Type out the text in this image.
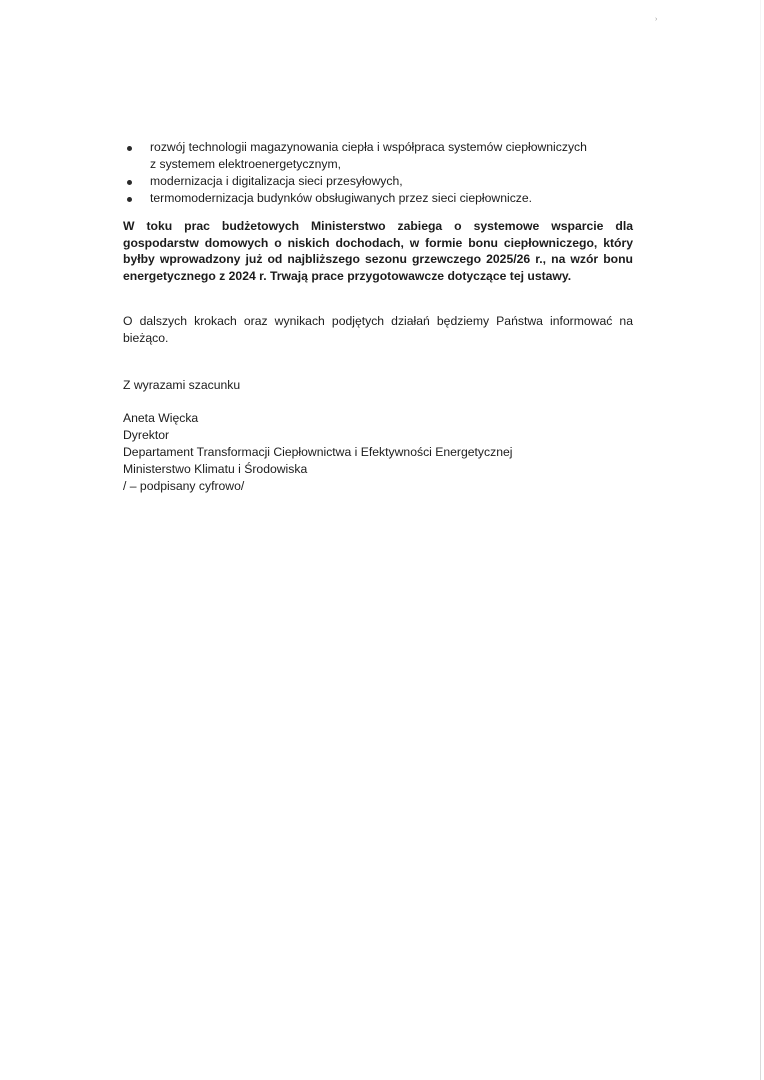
›
rozwój technologii magazynowania ciepła i współpraca systemów ciepłowniczych
z systemem elektroenergetycznym,
modernizacja i digitalizacja sieci przesyłowych,
termomodernizacja budynków obsługiwanych przez sieci ciepłownicze.

W toku prac budżetowych Ministerstwo zabiega o systemowe wsparcie dla gospodarstw domowych o niskich dochodach, w formie bonu ciepłowniczego, który byłby wprowadzony już od najbliższego sezonu grzewczego 2025/26 r., na wzór bonu energetycznego z 2024 r. Trwają prace przygotowawcze dotyczące tej ustawy.

O dalszych krokach oraz wynikach podjętych działań będziemy Państwa informować na bieżąco.

Z wyrazami szacunku

Aneta Więcka
Dyrektor
Departament Transformacji Ciepłownictwa i Efektywności Energetycznej
Ministerstwo Klimatu i Środowiska
/ – podpisany cyfrowo/
